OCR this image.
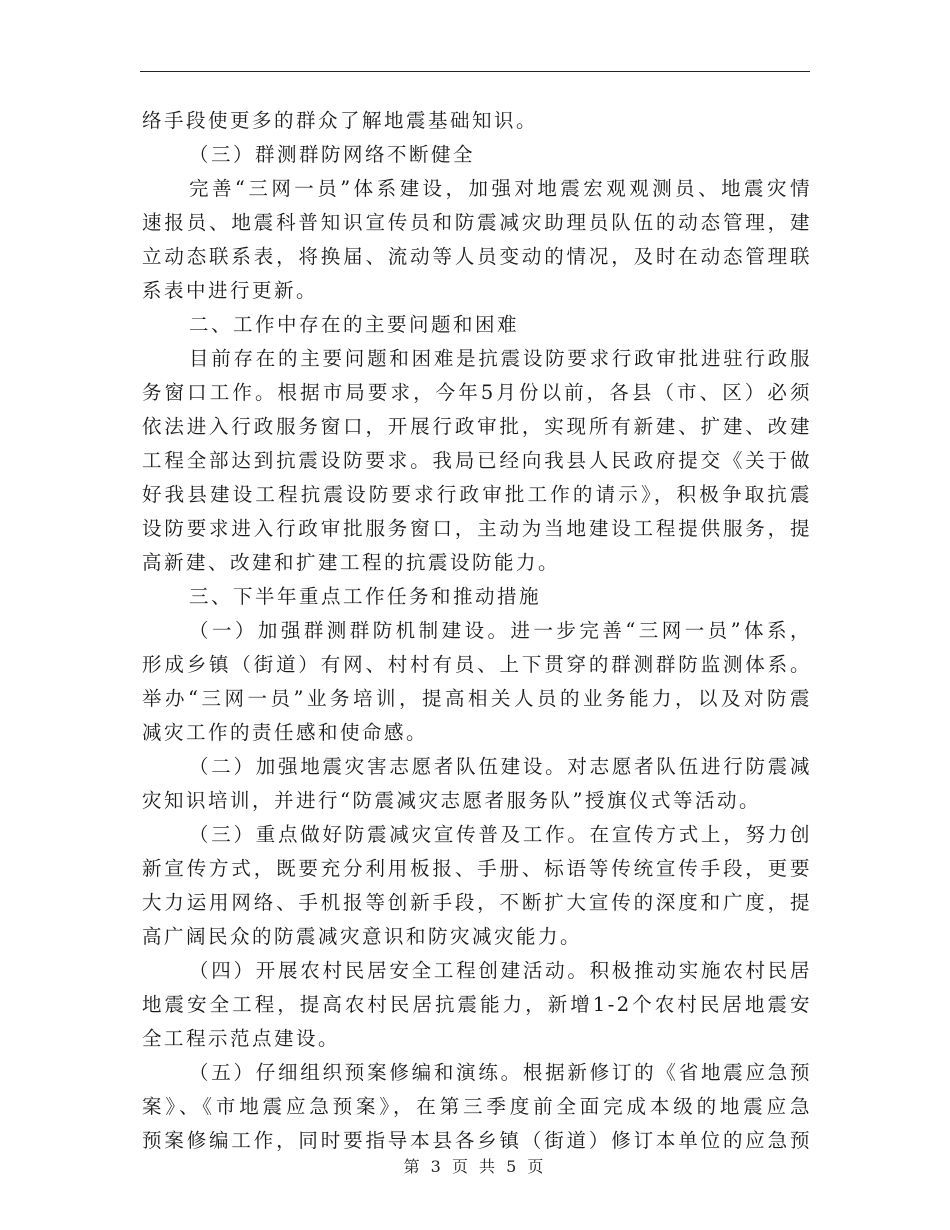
络手段使更多的群众了解地震基础知识。
（三）群测群防网络不断健全
完善“三网一员”体系建设，加强对地震宏观观测员、地震灾情
速报员、地震科普知识宣传员和防震减灾助理员队伍的动态管理，建
立动态联系表，将换届、流动等人员变动的情况，及时在动态管理联
系表中进行更新。
二、工作中存在的主要问题和困难
目前存在的主要问题和困难是抗震设防要求行政审批进驻行政服
务窗口工作。根据市局要求，今年5月份以前，各县（市、区）必须
依法进入行政服务窗口，开展行政审批，实现所有新建、扩建、改建
工程全部达到抗震设防要求。我局已经向我县人民政府提交《关于做
好我县建设工程抗震设防要求行政审批工作的请示》，积极争取抗震
设防要求进入行政审批服务窗口，主动为当地建设工程提供服务，提
高新建、改建和扩建工程的抗震设防能力。
三、下半年重点工作任务和推动措施
（一）加强群测群防机制建设。进一步完善“三网一员”体系，
形成乡镇（街道）有网、村村有员、上下贯穿的群测群防监测体系。
举办“三网一员”业务培训，提高相关人员的业务能力，以及对防震
减灾工作的责任感和使命感。
（二）加强地震灾害志愿者队伍建设。对志愿者队伍进行防震减
灾知识培训，并进行“防震减灾志愿者服务队”授旗仪式等活动。
（三）重点做好防震减灾宣传普及工作。在宣传方式上，努力创
新宣传方式，既要充分利用板报、手册、标语等传统宣传手段，更要
大力运用网络、手机报等创新手段，不断扩大宣传的深度和广度，提
高广阔民众的防震减灾意识和防灾减灾能力。
（四）开展农村民居安全工程创建活动。积极推动实施农村民居
地震安全工程，提高农村民居抗震能力，新增1-2个农村民居地震安
全工程示范点建设。
（五）仔细组织预案修编和演练。根据新修订的《省地震应急预
案》、《市地震应急预案》，在第三季度前全面完成本级的地震应急
预案修编工作，同时要指导本县各乡镇（街道）修订本单位的应急预
第 3 页 共 5 页
